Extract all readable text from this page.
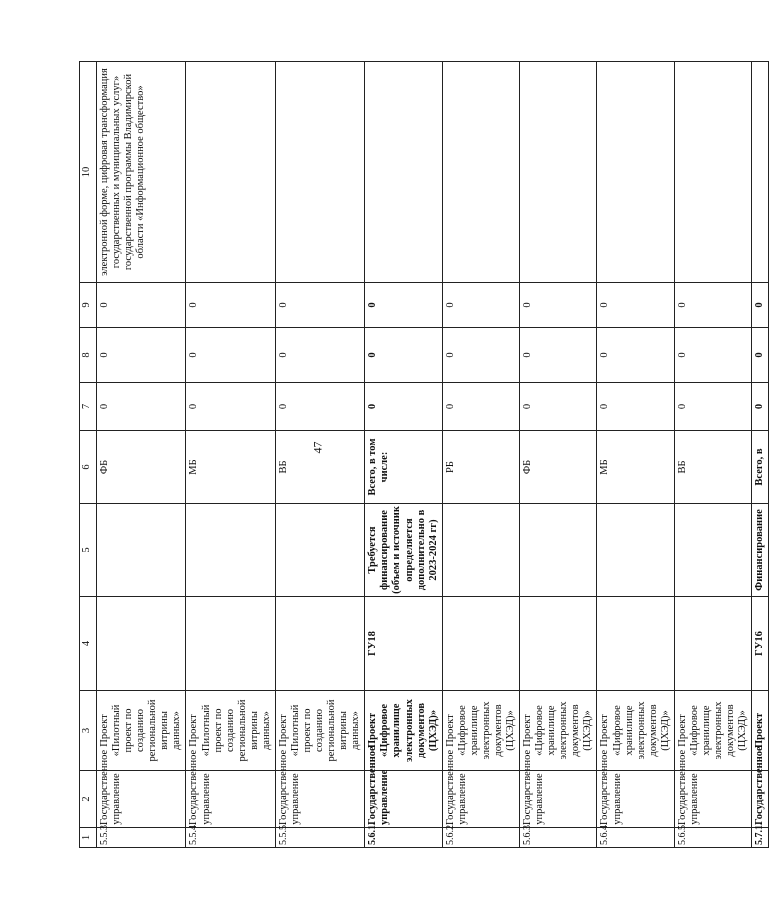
47
1	2	3	4	5	6	7	8	9	10
5.5.3.	Государственное управление	Проект «Пилотный проект по созданию региональной витрины данных»			ФБ	0	0	0	электронной форме, цифровая трансформация государственных и муниципальных услуг» государственной программы Владимирской области «Информационное общество»
5.5.4.	Государственное управление	Проект «Пилотный проект по созданию региональной витрины данных»			МБ	0	0	0	
5.5.5.	Государственное управление	Проект «Пилотный проект по созданию региональной витрины данных»			ВБ	0	0	0	
5.6.1.	Государственное управление	Проект «Цифровое хранилище электронных документов (ЦХЭД)»	ГУ18	Требуется финансирование (объем и источник определяется дополнительно в 2023-2024 гг)	Всего, в том числе:	0	0	0	
5.6.2.	Государственное управление	Проект «Цифровое хранилище электронных документов (ЦХЭД)»			РБ	0	0	0	
5.6.3.	Государственное управление	Проект «Цифровое хранилище электронных документов (ЦХЭД)»			ФБ	0	0	0	
5.6.4.	Государственное управление	Проект «Цифровое хранилище электронных документов (ЦХЭД)»			МБ	0	0	0	
5.6.5.	Государственное управление	Проект «Цифровое хранилище электронных документов (ЦХЭД)»			ВБ	0	0	0	
5.7.1.	Государственное	Проект	ГУ16	Финансирование	Всего, в	0	0	0	
